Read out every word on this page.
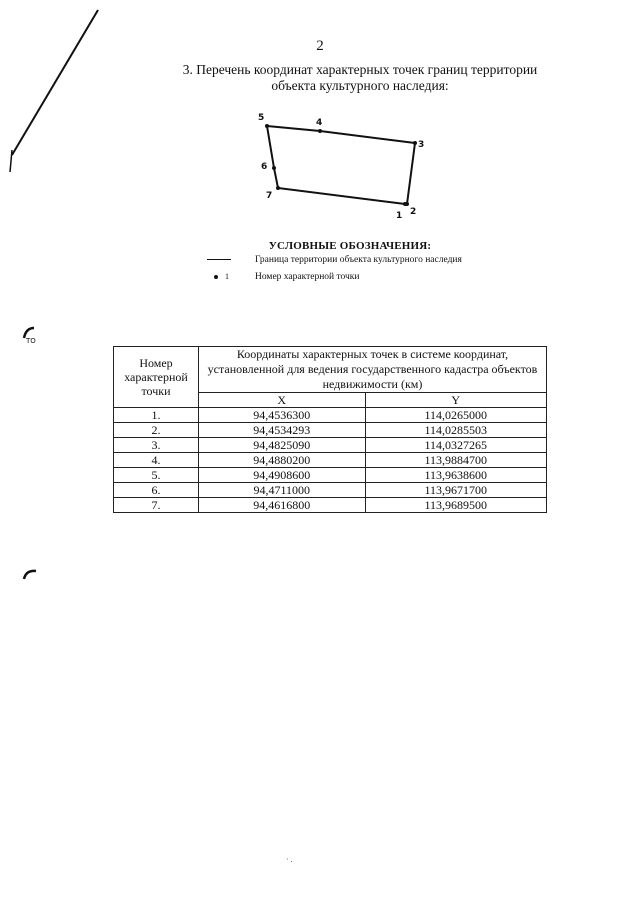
2
3. Перечень координат характерных точек границ территории
объекта культурного наследия:
TO
1 2
3
4
5
6
7
УСЛОВНЫЕ ОБОЗНАЧЕНИЯ:
Граница территории объекта культурного наследия
1	Номер характерной точки
Номер характерной точки	Координаты характерных точек в системе координат, установленной для ведения государственного кадастра объектов недвижимости (км)	
	X	Y
1.	94,4536300	114,0265000
2.	94,4534293	114,0285503
3.	94,4825090	114,0327265
4.	94,4880200	113,9884700
5.	94,4908600	113,9638600
6.	94,4711000	113,9671700
7.	94,4616800	113,9689500
· .
